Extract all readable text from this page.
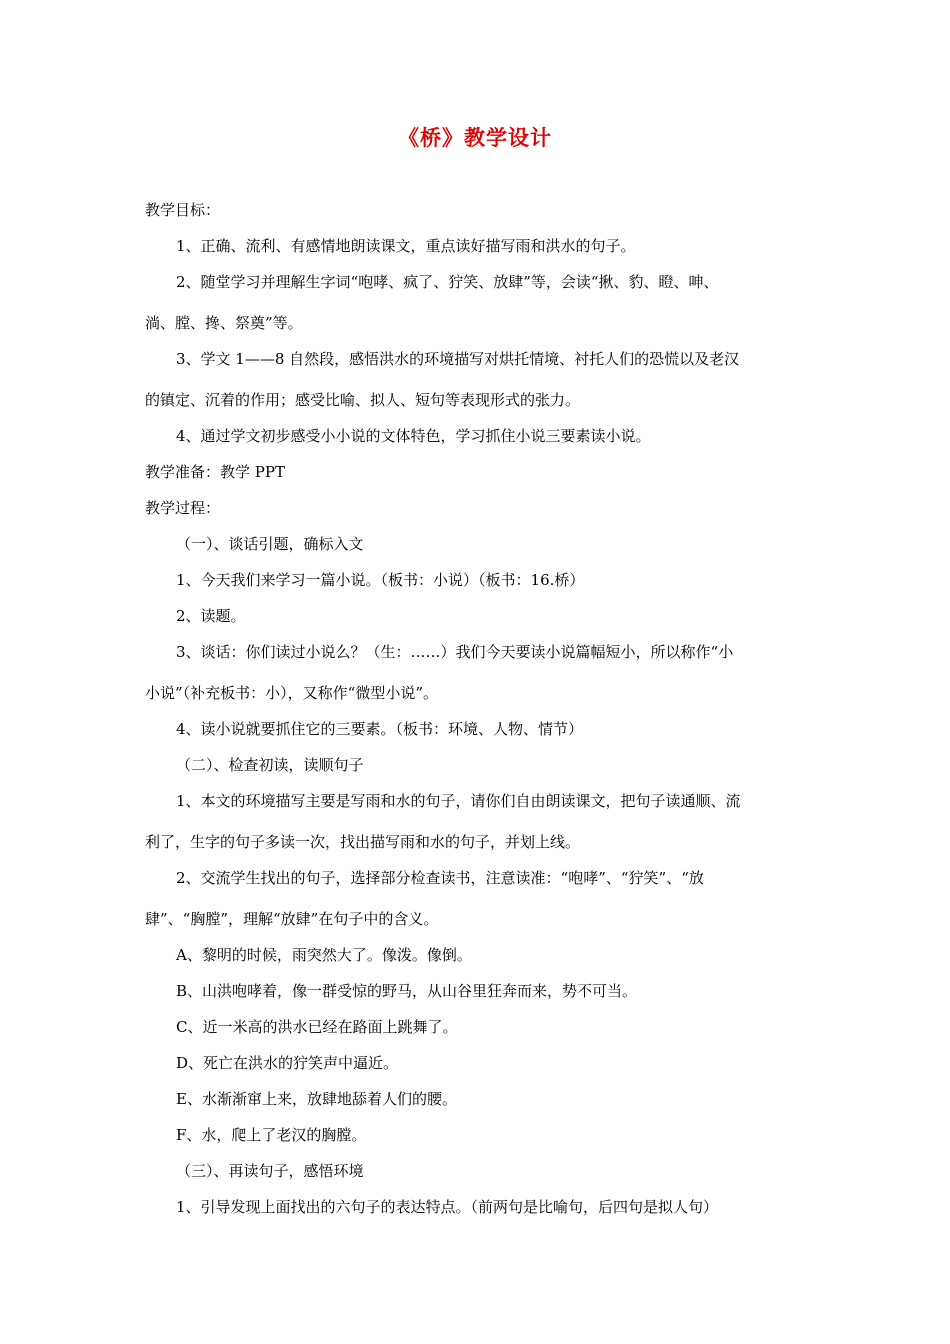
《桥》教学设计
教学目标：
1、正确、流利、有感情地朗读课文，重点读好描写雨和洪水的句子。
2、随堂学习并理解生字词“咆哮、疯了、狞笑、放肆”等，会读“揪、豹、瞪、呻、
淌、膛、搀、祭奠”等。
3、学文 1——8 自然段，感悟洪水的环境描写对烘托情境、衬托人们的恐慌以及老汉
的镇定、沉着的作用；感受比喻、拟人、短句等表现形式的张力。
4、通过学文初步感受小小说的文体特色，学习抓住小说三要素读小说。
教学准备：教学 PPT
教学过程：
（一）、谈话引题，确标入文
1、今天我们来学习一篇小说。（板书：小说）（板书：16.桥）
2、读题。
3、谈话：你们读过小说么？（生：……）我们今天要读小说篇幅短小，所以称作“小
小说”（补充板书：小），又称作“微型小说”。
4、读小说就要抓住它的三要素。（板书：环境、人物、情节）
（二）、检查初读，读顺句子
1、本文的环境描写主要是写雨和水的句子，请你们自由朗读课文，把句子读通顺、流
利了，生字的句子多读一次，找出描写雨和水的句子，并划上线。
2、交流学生找出的句子，选择部分检查读书，注意读准：“咆哮”、“狞笑”、“放
肆”、“胸膛”，理解“放肆”在句子中的含义。
A、黎明的时候，雨突然大了。像泼。像倒。
B、山洪咆哮着，像一群受惊的野马，从山谷里狂奔而来，势不可当。
C、近一米高的洪水已经在路面上跳舞了。
D、死亡在洪水的狞笑声中逼近。
E、水渐渐窜上来，放肆地舔着人们的腰。
F、水，爬上了老汉的胸膛。
（三）、再读句子，感悟环境
1、引导发现上面找出的六句子的表达特点。（前两句是比喻句，后四句是拟人句）
